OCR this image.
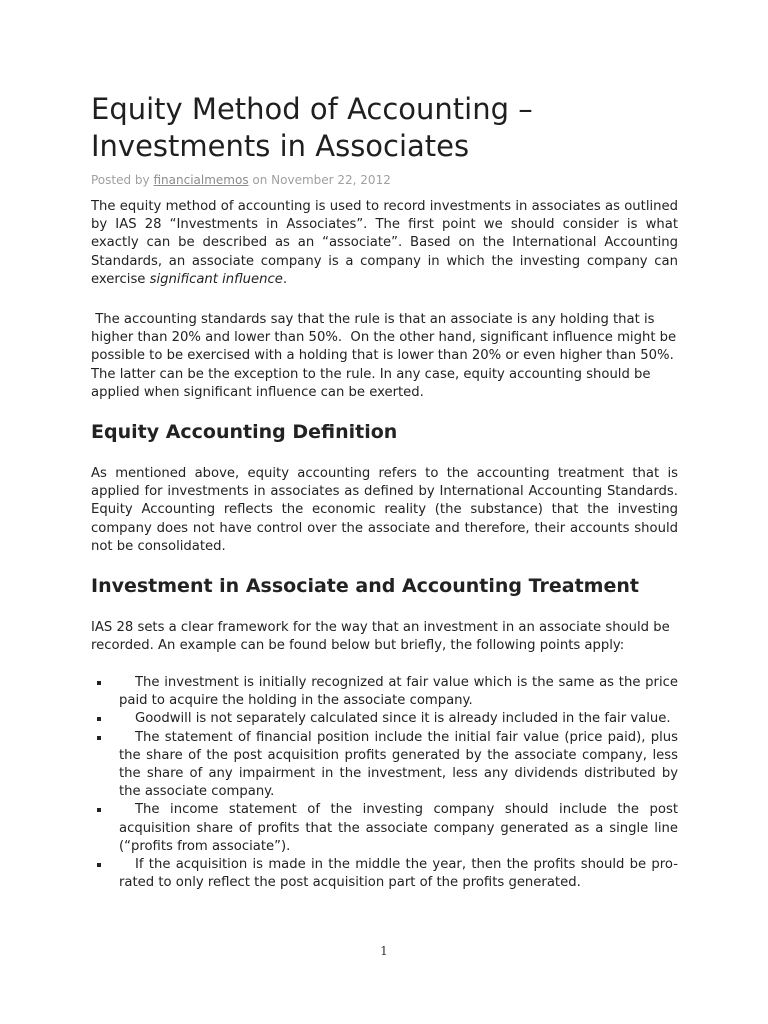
Equity Method of Accounting – Investments in Associates
Posted by financialmemos on November 22, 2012

The equity method of accounting is used to record investments in associates as outlined by IAS 28 “Investments in Associates”. The first point we should consider is what exactly can be described as an “associate”. Based on the International Accounting Standards, an associate company is a company in which the investing company can exercise significant influence.

The accounting standards say that the rule is that an associate is any holding that is higher than 20% and lower than 50%.  On the other hand, significant influence might be possible to be exercised with a holding that is lower than 20% or even higher than 50%. The latter can be the exception to the rule. In any case, equity accounting should be applied when significant influence can be exerted.

Equity Accounting Definition

As mentioned above, equity accounting refers to the accounting treatment that is applied for investments in associates as defined by International Accounting Standards. Equity Accounting reflects the economic reality (the substance) that the investing company does not have control over the associate and therefore, their accounts should not be consolidated.

Investment in Associate and Accounting Treatment

IAS 28 sets a clear framework for the way that an investment in an associate should be recorded. An example can be found below but briefly, the following points apply:

The investment is initially recognized at fair value which is the same as the price paid to acquire the holding in the associate company.
Goodwill is not separately calculated since it is already included in the fair value.
The statement of financial position include the initial fair value (price paid), plus the share of the post acquisition profits generated by the associate company, less the share of any impairment in the investment, less any dividends distributed by the associate company.
The income statement of the investing company should include the post acquisition share of profits that the associate company generated as a single line (“profits from associate”).
If the acquisition is made in the middle the year, then the profits should be pro-rated to only reflect the post acquisition part of the profits generated.
1
